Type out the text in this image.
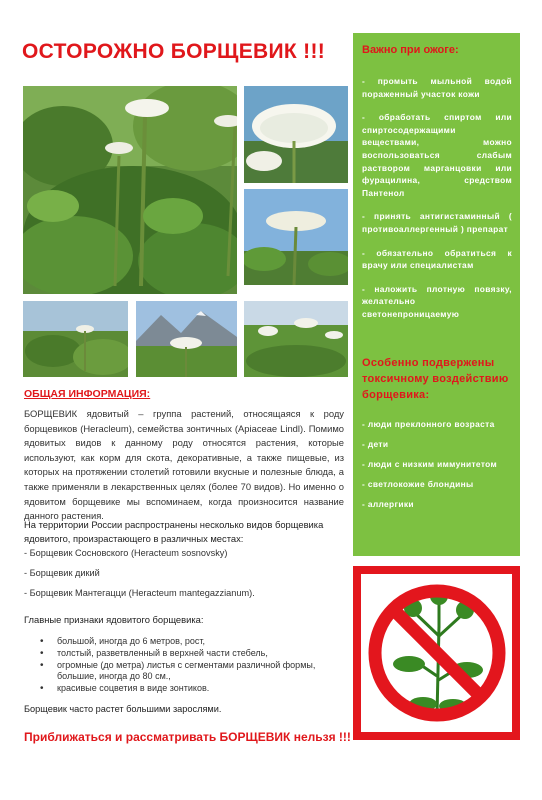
ОСТОРОЖНО БОРЩЕВИК !!!
ОБЩАЯ ИНФОРМАЦИЯ:
БОРЩЕВИК ядовитый – группа растений, относящаяся к роду борщевиков (Heracleum), семейства зонтичных (Apiaceae Lindl). Помимо ядовитых видов к данному роду относятся растения, которые используют, как корм для скота, декоративные, а также пищевые, из которых на протяжении столетий готовили вкусные и полезные блюда, а также применяли в лекарственных целях (более 70 видов). Но именно о ядовитом борщевике мы вспоминаем, когда произносится название данного растения.
На территории России распространены несколько видов борщевика ядовитого, произрастающего в различных местах:
- Борщевик Сосновского (Heracteum sosnovsky)
- Борщевик дикий
- Борщевик Мантегацци (Heracteum mantegazzianum).
Главные признаки ядовитого борщевика:
• большой, иногда до 6 метров, рост,
• толстый, разветвленный в верхней части стебель,
• огромные (до метра) листья с сегментами различной формы, большие, иногда до 80 см.,
• красивые соцветия в виде зонтиков.
Борщевик часто растет большими зарослями.
Приближаться и рассматривать БОРЩЕВИК нельзя !!!
Важно при ожоге:
- промыть мыльной водой пораженный участок кожи
- обработать спиртом или спиртосодержащими веществами, можно воспользоваться слабым раствором марганцовки или фурацилина, средством Пантенол
- принять антигистаминный ( противоаллергенный ) препарат
- обязательно обратиться к врачу или специалистам
- наложить плотную повязку, желательно светонепроницаемую
Особенно подвержены токсичному воздействию борщевика:
- люди преклонного возраста
- дети
- люди с низким иммунитетом
- светлокожие блондины
- аллергики
